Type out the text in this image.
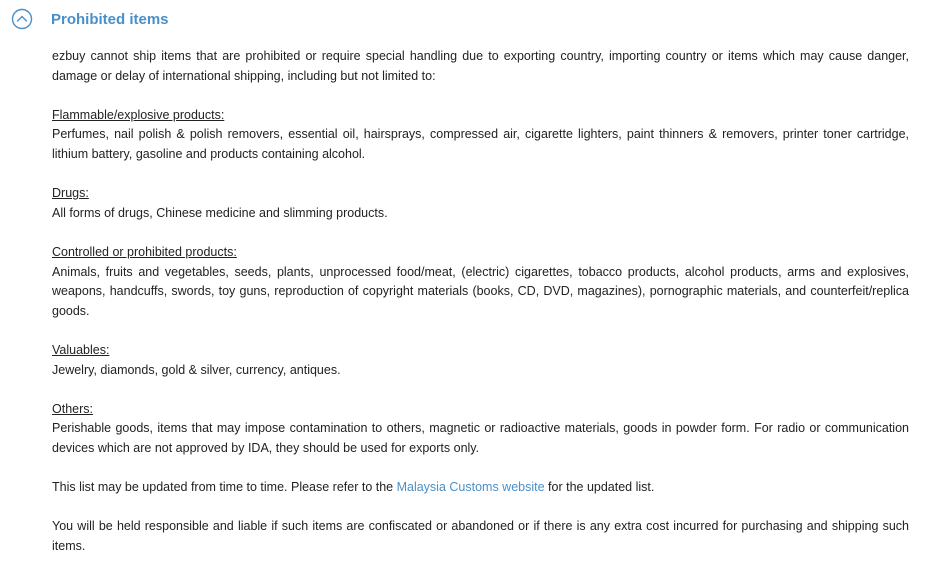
Prohibited items

ezbuy cannot ship items that are prohibited or require special handling due to exporting country, importing country or items which may cause danger, damage or delay of international shipping, including but not limited to:

Flammable/explosive products:
Perfumes, nail polish & polish removers, essential oil, hairsprays, compressed air, cigarette lighters, paint thinners & removers, printer toner cartridge, lithium battery, gasoline and products containing alcohol.
Drugs:
All forms of drugs, Chinese medicine and slimming products.
Controlled or prohibited products:
Animals, fruits and vegetables, seeds, plants, unprocessed food/meat, (electric) cigarettes, tobacco products, alcohol products, arms and explosives, weapons, handcuffs, swords, toy guns, reproduction of copyright materials (books, CD, DVD, magazines), pornographic materials, and counterfeit/replica goods.
Valuables:
Jewelry, diamonds, gold & silver, currency, antiques.
Others:
Perishable goods, items that may impose contamination to others, magnetic or radioactive materials, goods in powder form. For radio or communication devices which are not approved by IDA, they should be used for exports only.

This list may be updated from time to time. Please refer to the Malaysia Customs website for the updated list.

You will be held responsible and liable if such items are confiscated or abandoned or if there is any extra cost incurred for purchasing and shipping such items.
